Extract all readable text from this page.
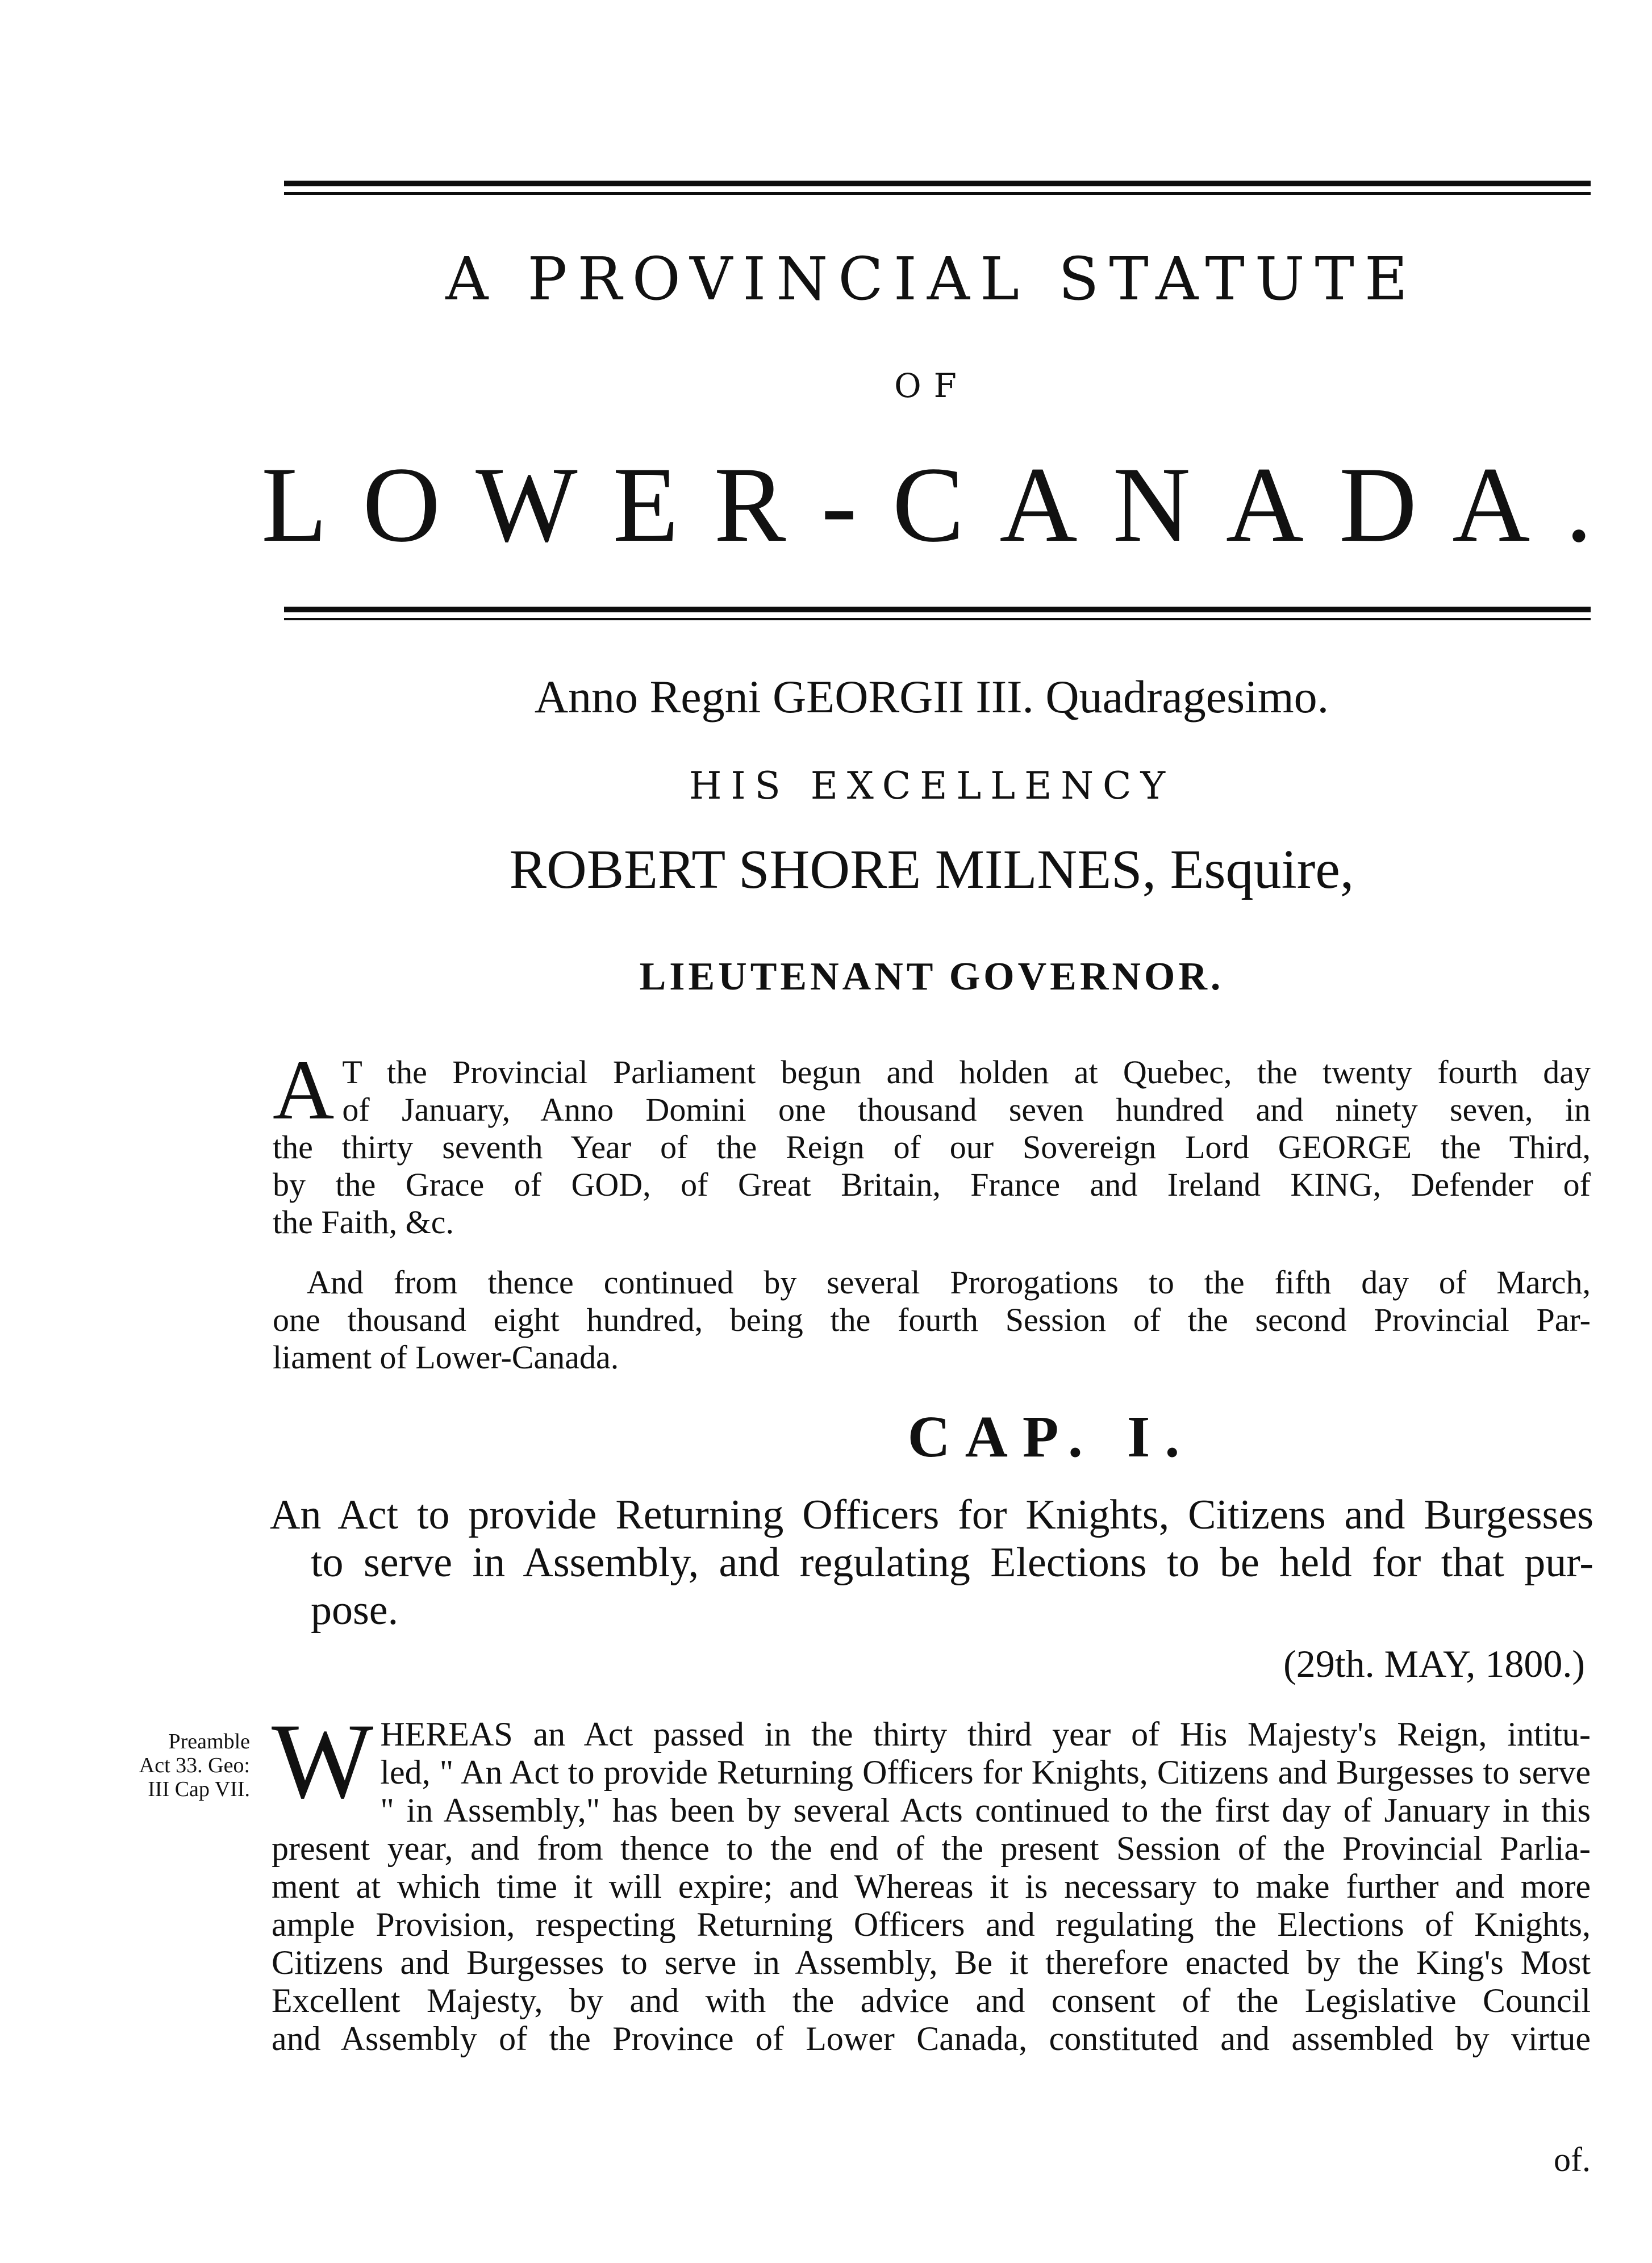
A PROVINCIAL STATUTE
OF
LOWER-CANADA.
Anno Regni GEORGII III. Quadragesimo.
HIS EXCELLENCY
ROBERT SHORE MILNES, Esquire,
LIEUTENANT GOVERNOR.
A T the Provincial Parliament begun and holden at Quebec, the twenty fourth day
of January, Anno Domini one thousand seven hundred and ninety seven, in
the thirty seventh Year of the Reign of our Sovereign Lord GEORGE the Third,
by the Grace of GOD, of Great Britain, France and Ireland KING, Defender of
the Faith, &c.
And from thence continued by several Prorogations to the fifth day of March,
one thousand eight hundred, being the fourth Session of the second Provincial Par-
liament of Lower-Canada.
CAP. I.
An Act to provide Returning Officers for Knights, Citizens and Burgesses
to serve in Assembly, and regulating Elections to be held for that pur-
pose.
(29th. MAY, 1800.)
Preamble
Act 33. Geo:
III Cap VII. W HEREAS an Act passed in the thirty third year of His Majesty's Reign, intitu-
led, " An Act to provide Returning Officers for Knights, Citizens and Burgesses to serve
" in Assembly," has been by several Acts continued to the first day of January in this
present year, and from thence to the end of the present Session of the Provincial Parlia-
ment at which time it will expire; and Whereas it is necessary to make further and more
ample Provision, respecting Returning Officers and regulating the Elections of Knights,
Citizens and Burgesses to serve in Assembly, Be it therefore enacted by the King's Most
Excellent Majesty, by and with the advice and consent of the Legislative Council
and Assembly of the Province of Lower Canada, constituted and assembled by virtue
of.
